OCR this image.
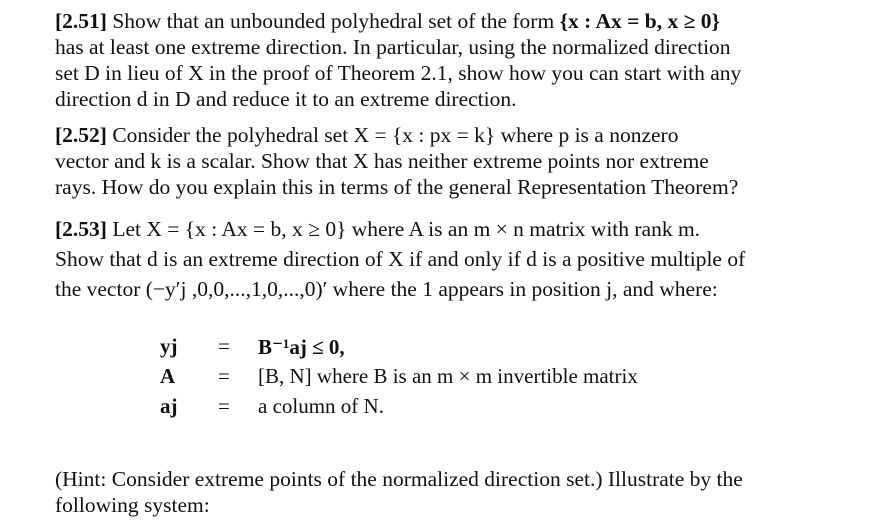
[2.51] Show that an unbounded polyhedral set of the form {x : Ax = b, x ≥ 0}
has at least one extreme direction. In particular, using the normalized direction
set D in lieu of X in the proof of Theorem 2.1, show how you can start with any
direction d in D and reduce it to an extreme direction.

[2.52] Consider the polyhedral set X = {x : px = k} where p is a nonzero
vector and k is a scalar. Show that X has neither extreme points nor extreme
rays. How do you explain this in terms of the general Representation Theorem?

[2.53] Let X = {x : Ax = b, x ≥ 0} where A is an m × n matrix with rank m.
Show that d is an extreme direction of X if and only if d is a positive multiple of
the vector (−y′j ,0,0,...,1,0,...,0)′ where the 1 appears in position j, and where:

yj	= B⁻¹aj ≤ 0,
A	= [B, N] where B is an m × m invertible matrix
aj	= a column of N.

(Hint: Consider extreme points of the normalized direction set.) Illustrate by the
following system:
